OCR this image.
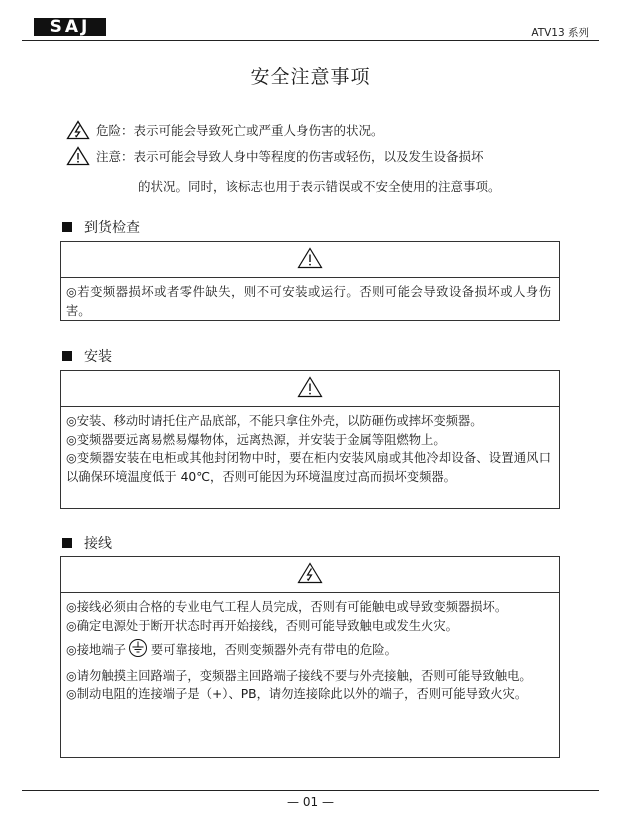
SAJ	ATV13 系列
安全注意事项
危险：表示可能会导致死亡或严重人身伤害的状况。
注意：表示可能会导致人身中等程度的伤害或轻伤，以及发生设备损坏
的状况。同时，该标志也用于表示错误或不安全使用的注意事项。
到货检查

◎若变频器损坏或者零件缺失，则不可安装或运行。否则可能会导致设备损坏或人身伤害。

安装

◎安装、移动时请托住产品底部，不能只拿住外壳，以防砸伤或摔坏变频器。

◎变频器要远离易燃易爆物体，远离热源，并安装于金属等阻燃物上。

◎变频器安装在电柜或其他封闭物中时，要在柜内安装风扇或其他冷却设备、设置通风口以确保环境温度低于 40℃，否则可能因为环境温度过高而损坏变频器。

接线

◎接线必须由合格的专业电气工程人员完成，否则有可能触电或导致变频器损坏。

◎确定电源处于断开状态时再开始接线，否则可能导致触电或发生火灾。

◎接地端子 要可靠接地，否则变频器外壳有带电的危险。

◎请勿触摸主回路端子，变频器主回路端子接线不要与外壳接触，否则可能导致触电。

◎制动电阻的连接端子是（+）、PB，请勿连接除此以外的端子，否则可能导致火灾。

— 01 —
